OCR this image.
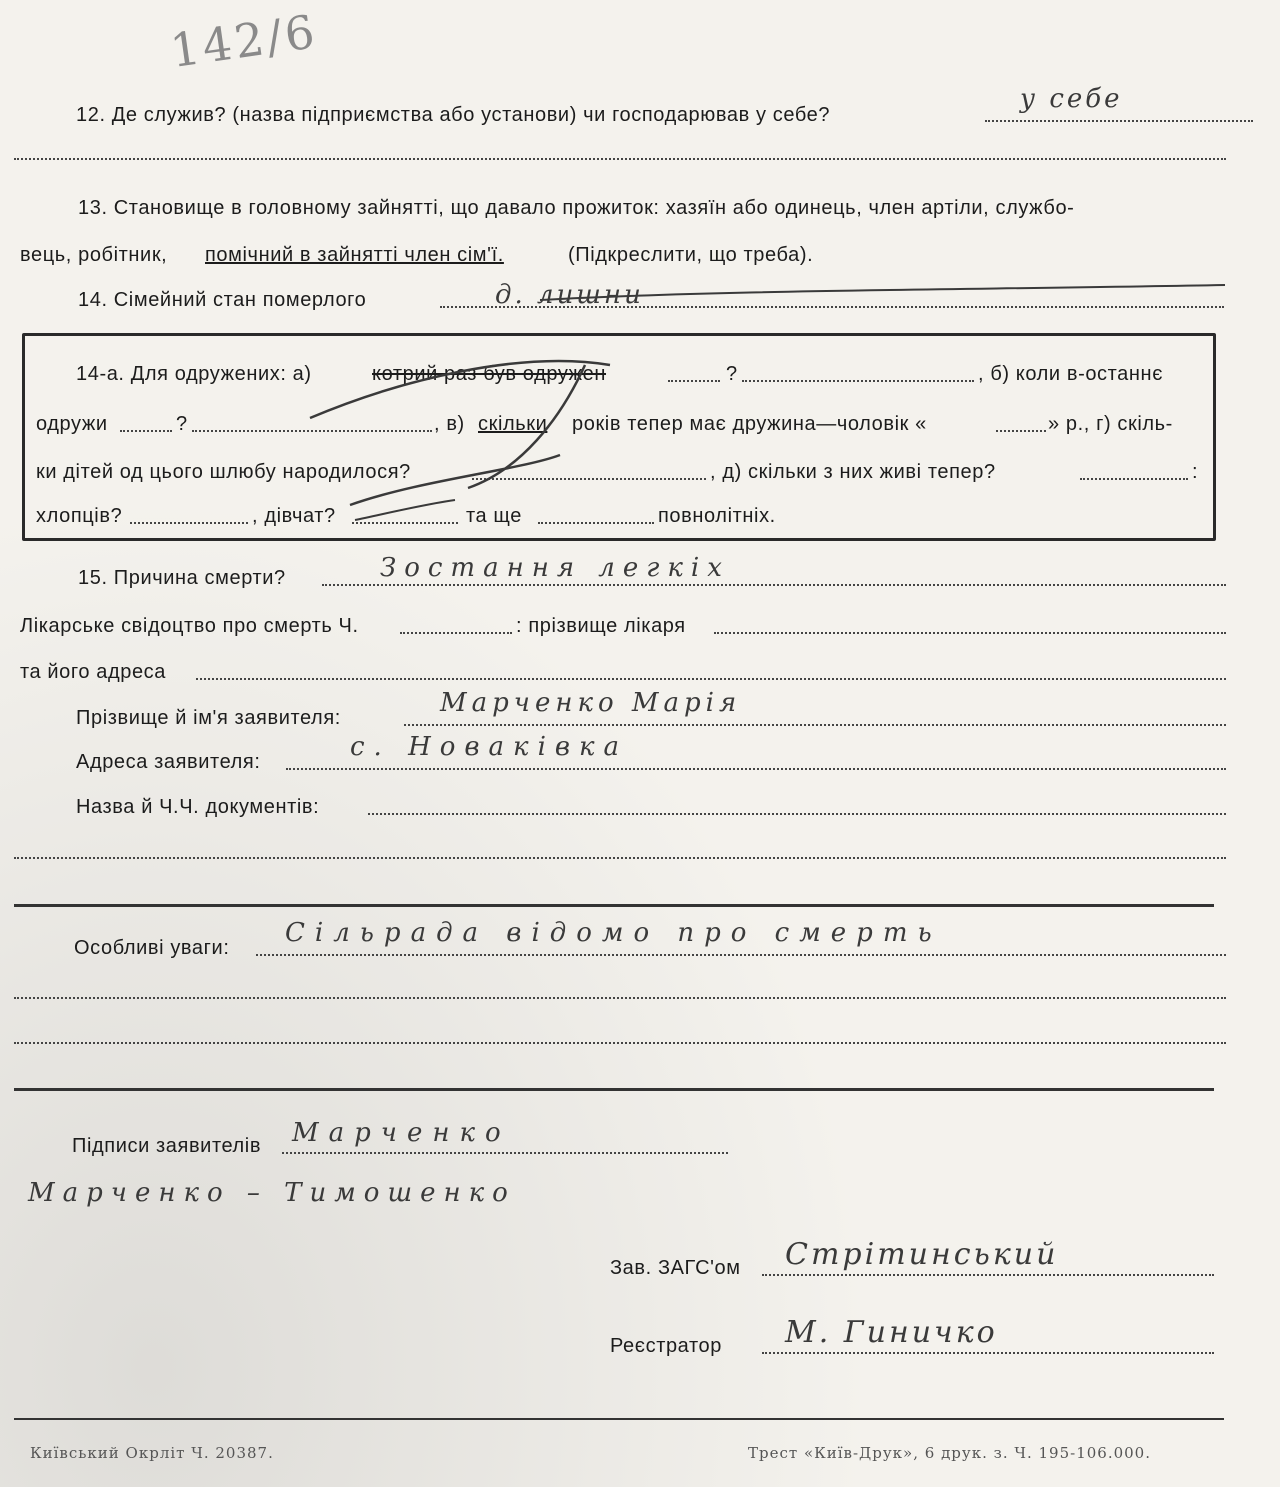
142/6
12. Де служив? (назва підприємства або установи) чи господарював у себе?
у себе
13. Становище в головному зайнятті, що давало прожиток: хазяїн або одинець, член артіли, службо-
вець, робітник, помічний в зайнятті член сім'ї.	(Підкреслити, що треба).
14. Сімейний стан померлого	д. лишни
14-а. Для одружених: а)	котрий раз був одружен	?	, б) коли в-останнє
одружи	?	, в) скільки років тепер має дружина—чоловік «	» р., г) скіль-
ки дітей од цього шлюбу народилося?	, д) скільки з них живі тепер?	:
хлопців?	, дівчат?	та ще	повнолітніх.
15. Причина смерти?	Зостання легкіх
Лікарське свідоцтво про смерть Ч.	: прізвище лікаря
та його адреса
Прізвище й ім'я заявителя:	Марченко Марія
Адреса заявителя:	с. Новаківка
Назва й Ч.Ч. документів:
Особливі уваги: Сільрада відомо про смерть
Підписи заявителів Марченко
Марченко – Тимошенко
Зав. ЗАГС'ом Стрітинський
Реєстратор М. Гиничко
Київський Окрліт Ч. 20387.	Трест «Київ-Друк», 6 друк. з. Ч. 195-106.000.
